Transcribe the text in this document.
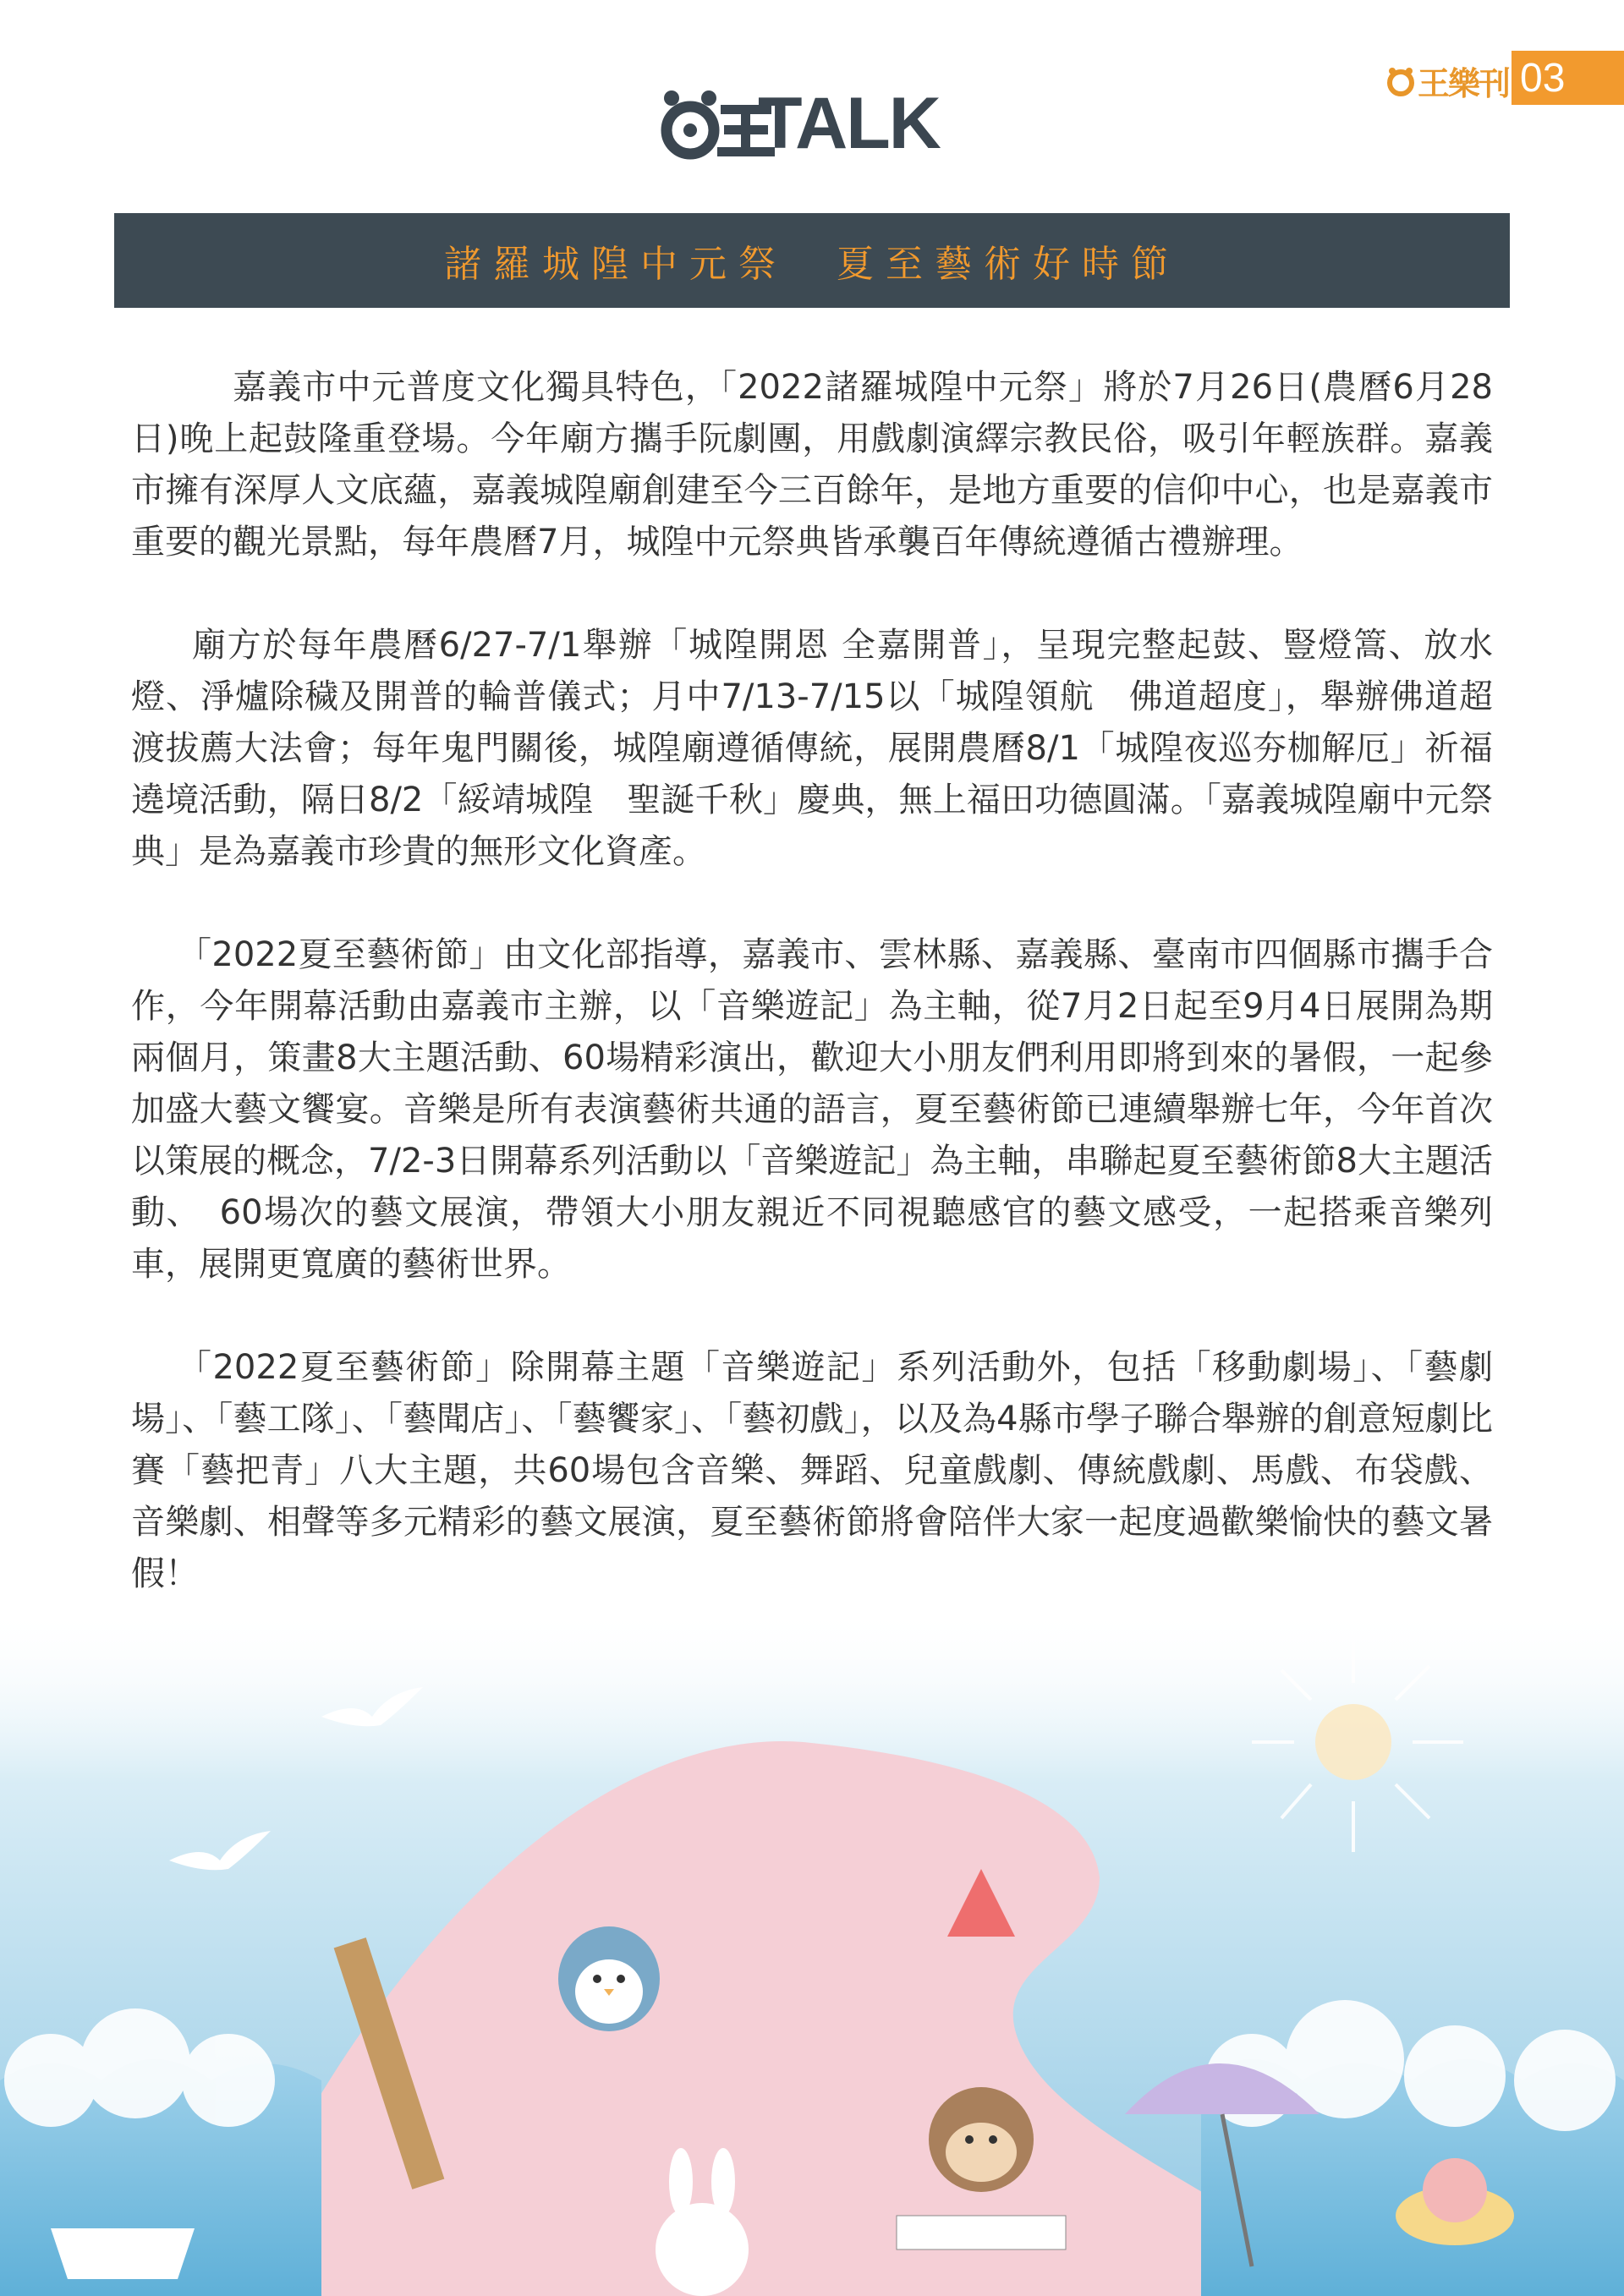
王樂刊 03
TALK
諸羅城隍中元祭　夏至藝術好時節

嘉義市中元普度文化獨具特色，「2022諸羅城隍中元祭」將於7月26日(農曆6月28日)晚上起鼓隆重登場。今年廟方攜手阮劇團，用戲劇演繹宗教民俗，吸引年輕族群。嘉義市擁有深厚人文底蘊，嘉義城隍廟創建至今三百餘年，是地方重要的信仰中心，也是嘉義市重要的觀光景點，每年農曆7月，城隍中元祭典皆承襲百年傳統遵循古禮辦理。

廟方於每年農曆6/27-7/1舉辦「城隍開恩 全嘉開普」，呈現完整起鼓、豎燈篙、放水燈、淨爐除穢及開普的輪普儀式；月中7/13-7/15以「城隍領航　佛道超度」，舉辦佛道超渡拔薦大法會；每年鬼門關後，城隍廟遵循傳統，展開農曆8/1「城隍夜巡夯枷解厄」祈福遶境活動，隔日8/2「綏靖城隍　聖誕千秋」慶典，無上福田功德圓滿。「嘉義城隍廟中元祭典」是為嘉義市珍貴的無形文化資產。

「2022夏至藝術節」由文化部指導，嘉義市、雲林縣、嘉義縣、臺南市四個縣市攜手合作，今年開幕活動由嘉義市主辦，以「音樂遊記」為主軸，從7月2日起至9月4日展開為期兩個月，策畫8大主題活動、60場精彩演出，歡迎大小朋友們利用即將到來的暑假，一起參加盛大藝文饗宴。音樂是所有表演藝術共通的語言，夏至藝術節已連續舉辦七年，今年首次以策展的概念，7/2-3日開幕系列活動以「音樂遊記」為主軸，串聯起夏至藝術節8大主題活動、　60場次的藝文展演，帶領大小朋友親近不同視聽感官的藝文感受，一起搭乘音樂列車，展開更寬廣的藝術世界。

「2022夏至藝術節」除開幕主題「音樂遊記」系列活動外，包括「移動劇場」、「藝劇場」、「藝工隊」、「藝聞店」、「藝饗家」、「藝初戲」，以及為4縣市學子聯合舉辦的創意短劇比賽「藝把青」八大主題，共60場包含音樂、舞蹈、兒童戲劇、傳統戲劇、馬戲、布袋戲、音樂劇、相聲等多元精彩的藝文展演，夏至藝術節將會陪伴大家一起度過歡樂愉快的藝文暑假！
